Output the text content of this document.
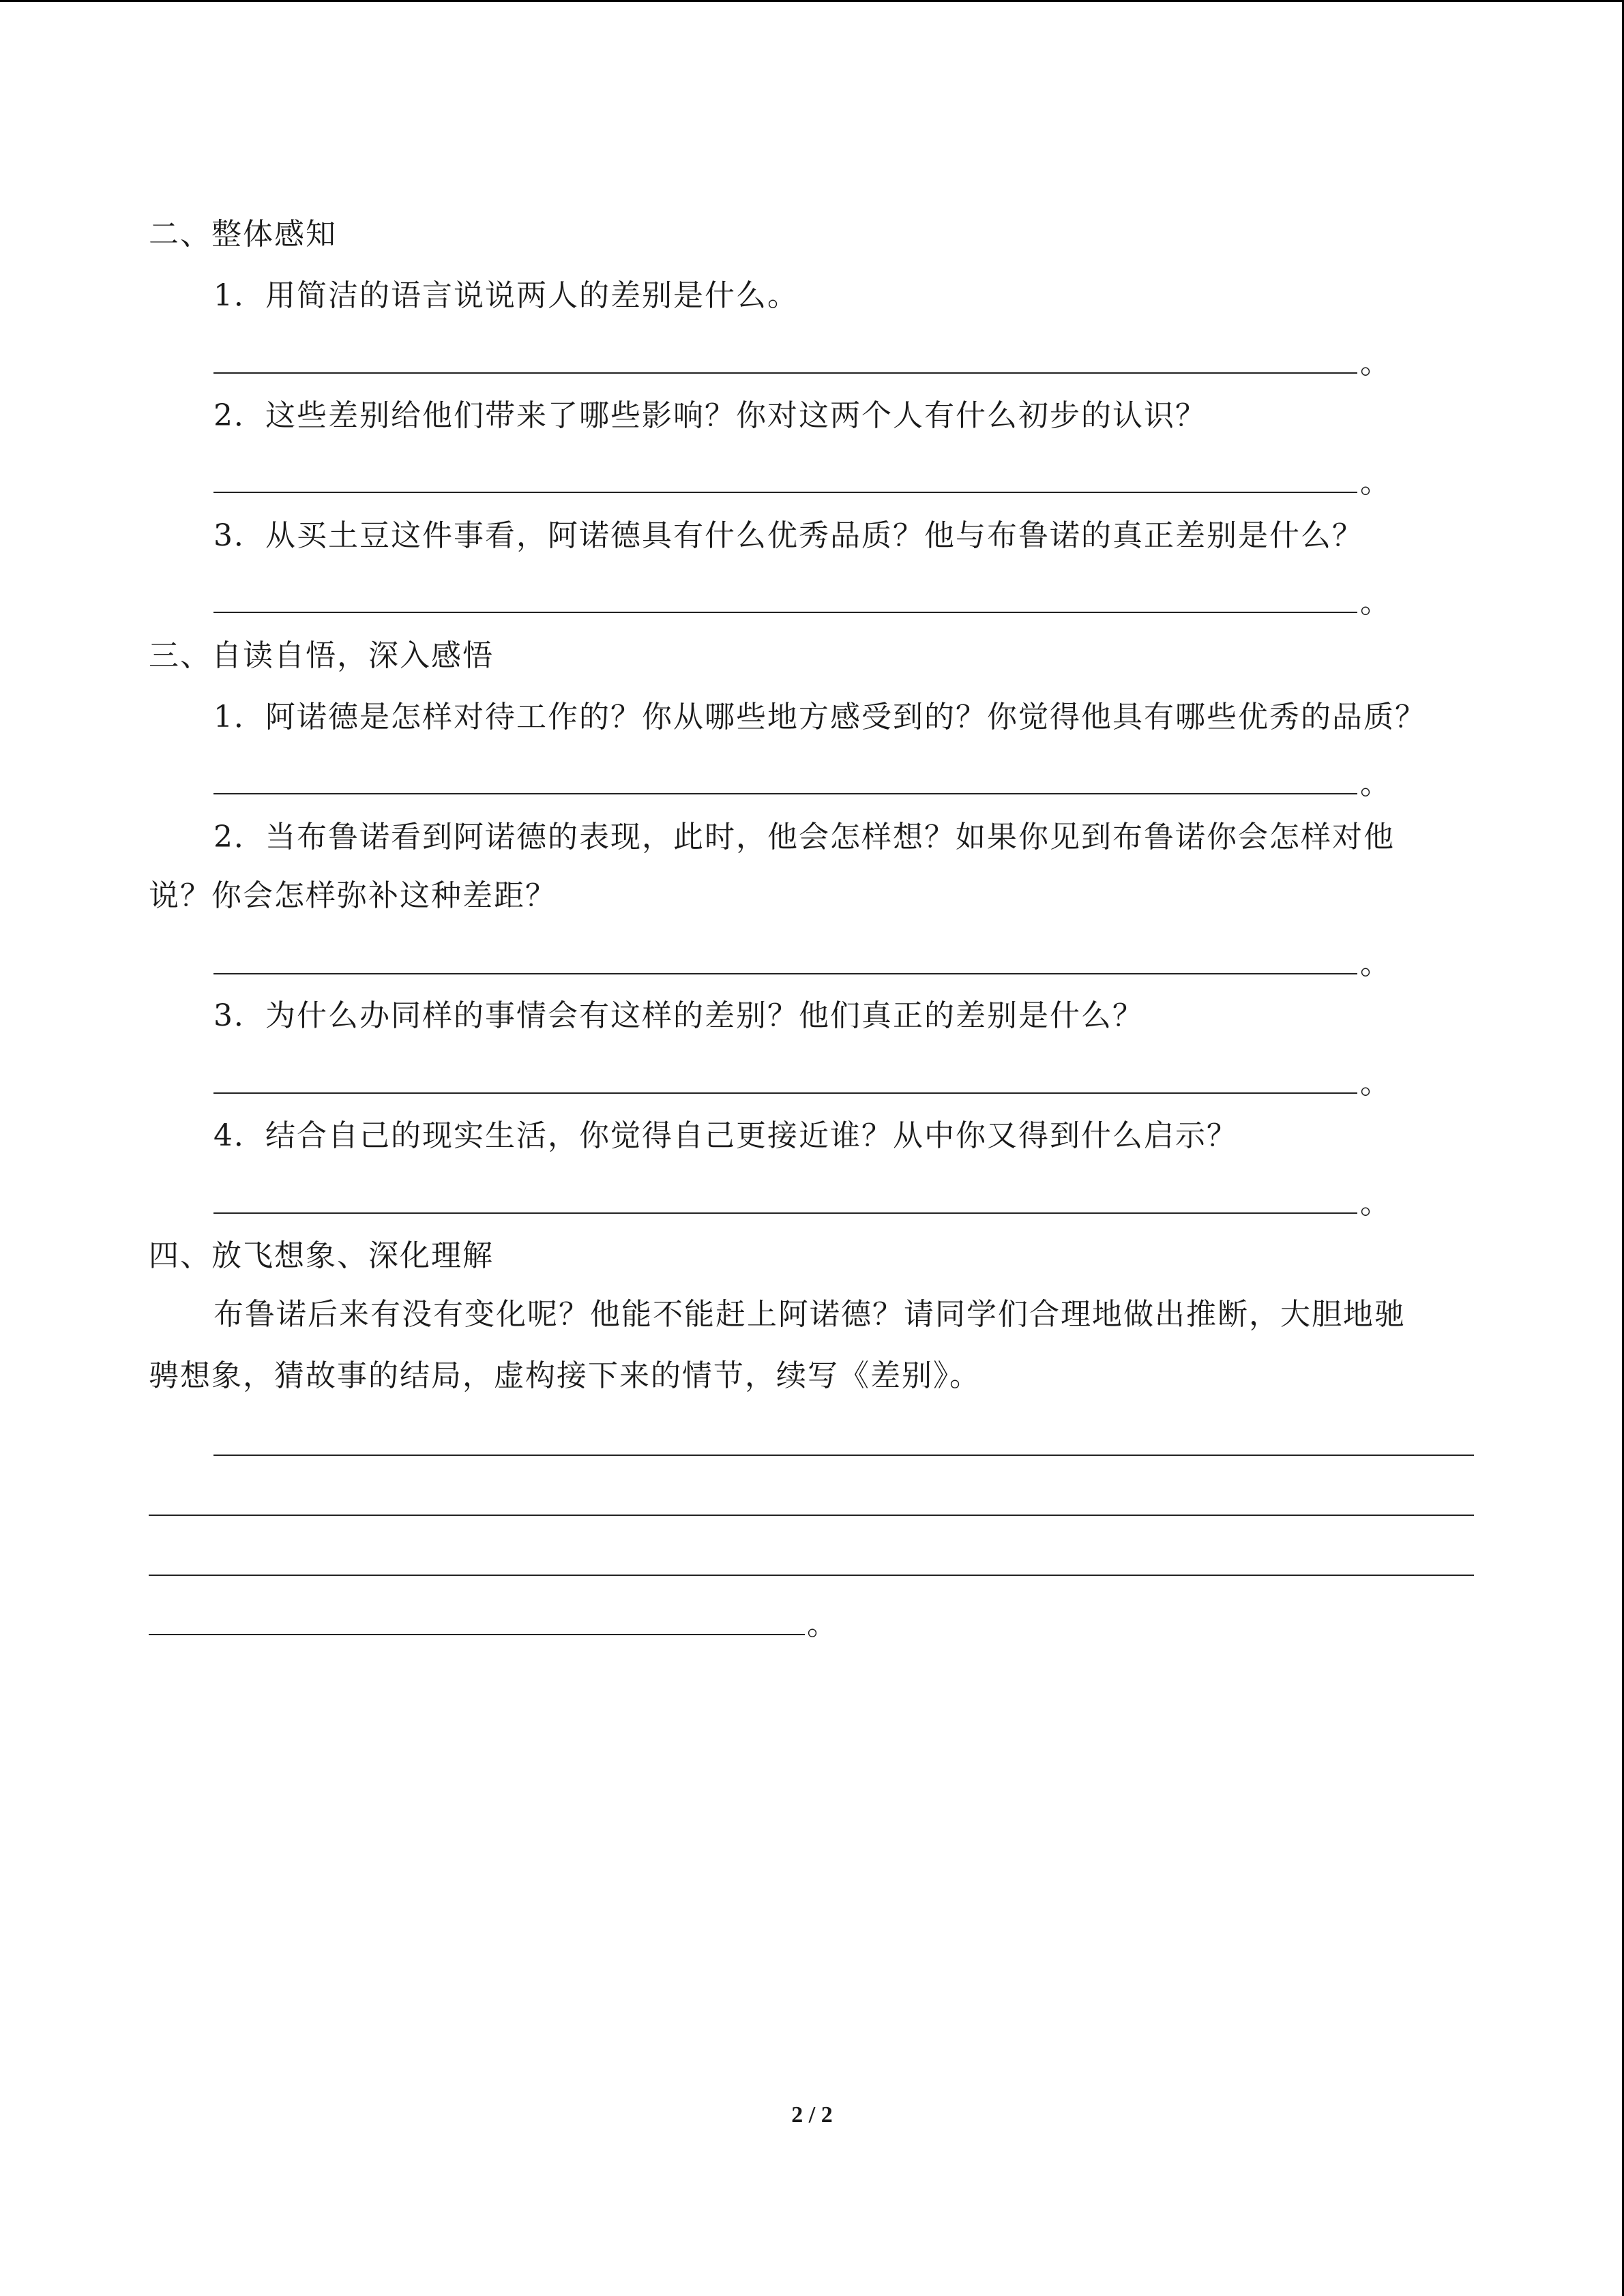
二、整体感知
1．用简洁的语言说说两人的差别是什么。
。
2．这些差别给他们带来了哪些影响？你对这两个人有什么初步的认识？
。
3．从买土豆这件事看，阿诺德具有什么优秀品质？他与布鲁诺的真正差别是什么？
。
三、自读自悟，深入感悟
1．阿诺德是怎样对待工作的？你从哪些地方感受到的？你觉得他具有哪些优秀的品质？
。
2．当布鲁诺看到阿诺德的表现，此时，他会怎样想？如果你见到布鲁诺你会怎样对他
说？你会怎样弥补这种差距？
。
3．为什么办同样的事情会有这样的差别？他们真正的差别是什么？
。
4．结合自己的现实生活，你觉得自己更接近谁？从中你又得到什么启示？
。
四、放飞想象、深化理解
布鲁诺后来有没有变化呢？他能不能赶上阿诺德？请同学们合理地做出推断，大胆地驰
骋想象，猜故事的结局，虚构接下来的情节，续写《差别》。
。
2 / 2
